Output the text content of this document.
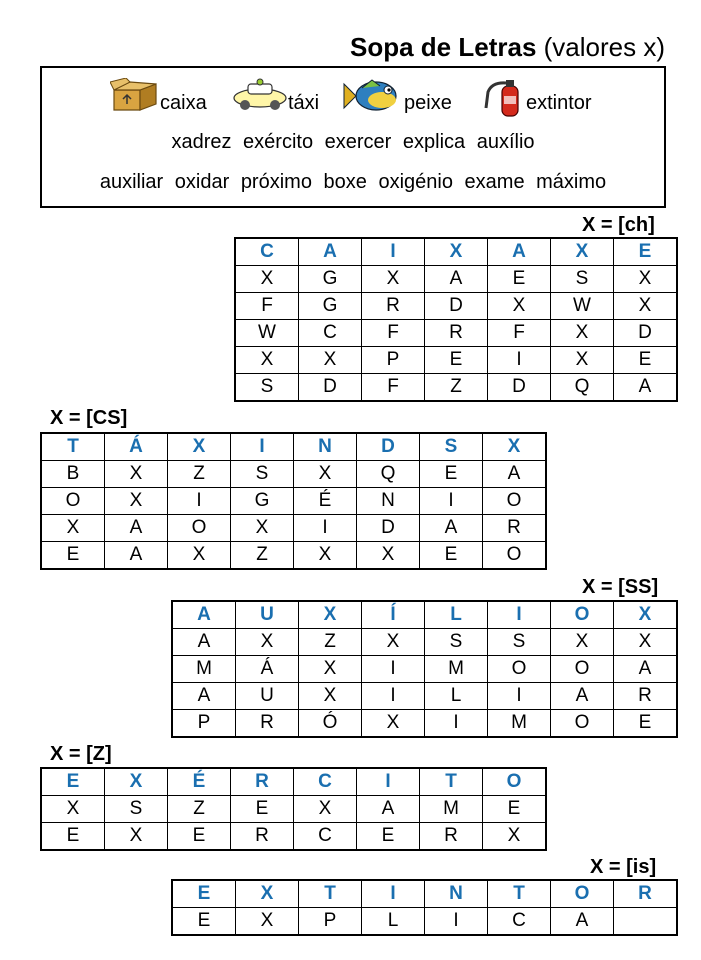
Sopa de Letras (valores x)
caixa	táxi	peixe	extintor
xadrez exército exercer explica auxílio
auxiliar oxidar próximo boxe oxigénio exame máximo
X = [ch]
C	A	I	X	A	X	E
X	G	X	A	E	S	X
F	G	R	D	X	W	X
W	C	F	R	F	X	D
X	X	P	E	I	X	E
S	D	F	Z	D	Q	A
X = [CS]
T	Á	X	I	N	D	S	X
B	X	Z	S	X	Q	E	A
O	X	I	G	É	N	I	O
X	A	O	X	I	D	A	R
E	A	X	Z	X	X	E	O
X = [SS]
A	U	X	Í	L	I	O	X
A	X	Z	X	S	S	X	X
M	Á	X	I	M	O	O	A
A	U	X	I	L	I	A	R
P	R	Ó	X	I	M	O	E
X = [Z]
E	X	É	R	C	I	T	O
X	S	Z	E	X	A	M	E
E	X	E	R	C	E	R	X
X = [is]
E	X	T	I	N	T	O	R
E	X	P	L	I	C	A	
